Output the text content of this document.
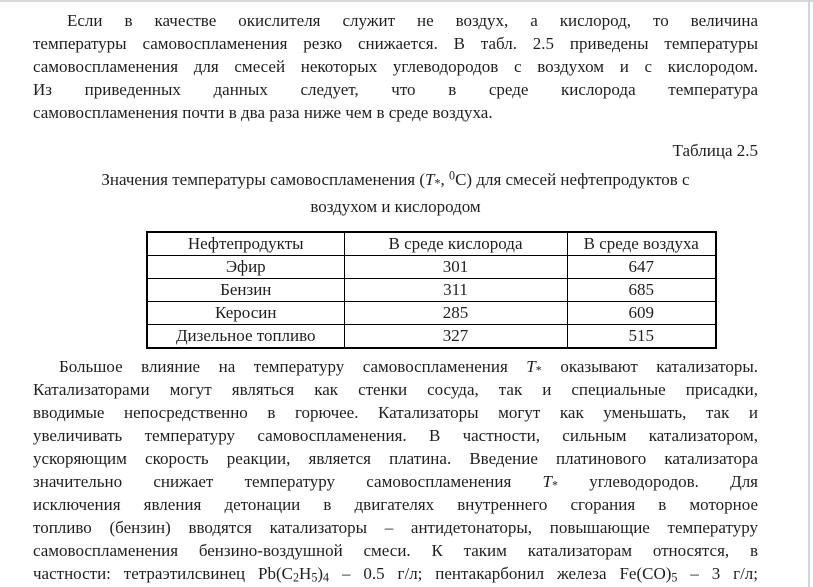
Если в качестве окислителя служит не воздух, а кислород, то величина
температуры самовоспламенения резко снижается. В табл. 2.5 приведены температуры
самовоспламенения для смесей некоторых углеводородов с воздухом и с кислородом.
Из приведенных данных следует, что в среде кислорода температура
самовоспламенения почти в два раза ниже чем в среде воздуха.
Таблица 2.5
Значения температуры самовоспламенения ($T_*$, $^0$С) для смесей нефтепродуктов с
воздухом и кислородом
Нефтепродукты	В среде кислорода	В среде воздуха
Эфир	301	647
Бензин	311	685
Керосин	285	609
Дизельное топливо	327	515
Большое влияние на температуру самовоспламенения $T_*$ оказывают катализаторы.
Катализаторами могут являться как стенки сосуда, так и специальные присадки,
вводимые непосредственно в горючее. Катализаторы могут как уменьшать, так и
увеличивать температуру самовоспламенения. В частности, сильным катализатором,
ускоряющим скорость реакции, является платина. Введение платинового катализатора
значительно снижает температуру самовоспламенения $T_*$ углеводородов. Для
исключения явления детонации в двигателях внутреннего сгорания в моторное
топливо (бензин) вводятся катализаторы – антидетонаторы, повышающие температуру
самовоспламенения бензино-воздушной смеси. К таким катализаторам относятся, в
частности: тетраэтилсвинец $Pb(C_2H_5)_4 - 0.5$ г/л; пентакарбонил железа $Fe(CO)_5 - 3$ г/л;
